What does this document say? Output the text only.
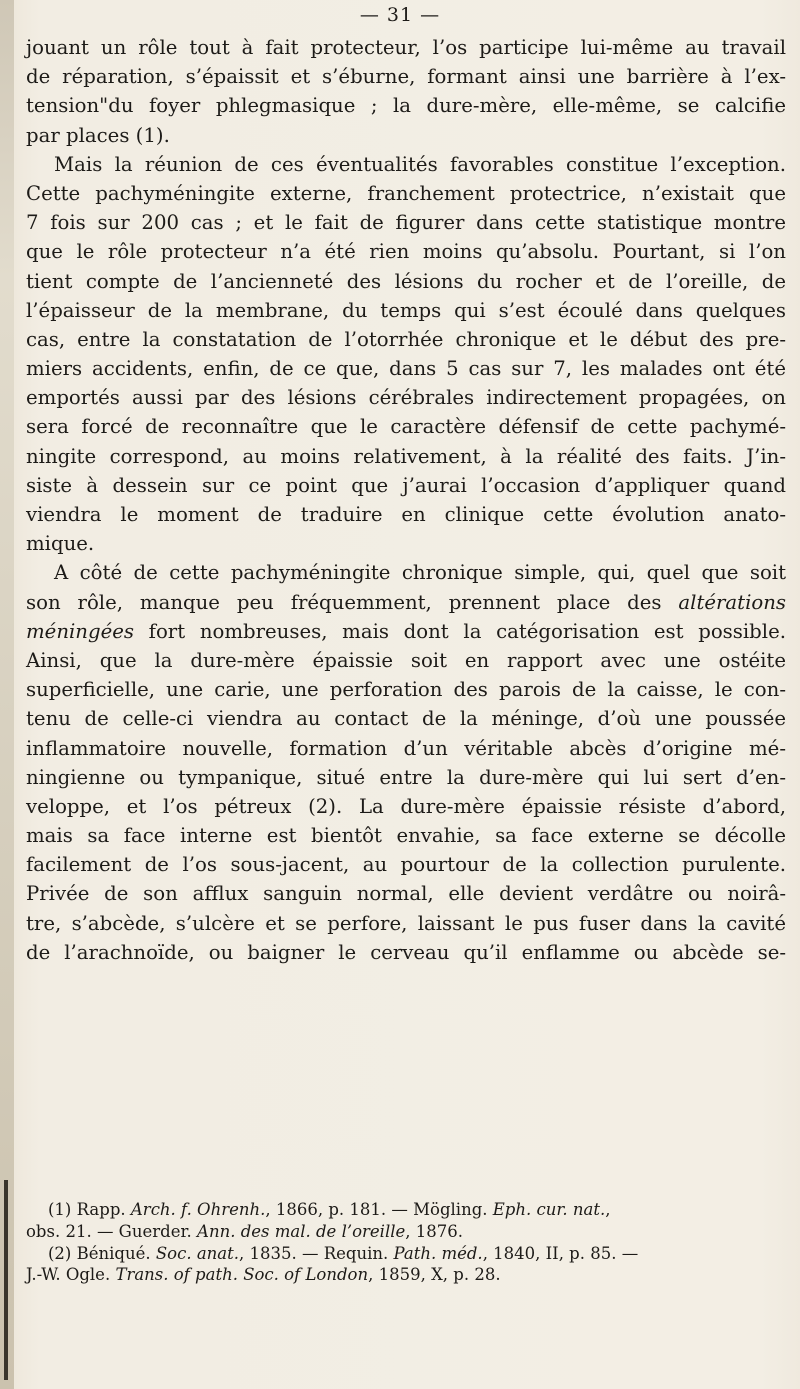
— 31 —
jouant un rôle tout à fait protecteur, l’os participe lui-même au travail
de réparation, s’épaissit et s’éburne, formant ainsi une barrière à l’ex-
tension"du foyer phlegmasique ; la dure-mère, elle-même, se calcifie
par places (1).
Mais la réunion de ces éventualités favorables constitue l’exception.
Cette pachyméningite externe, franchement protectrice, n’existait que
7 fois sur 200 cas ; et le fait de figurer dans cette statistique montre
que le rôle protecteur n’a été rien moins qu’absolu. Pourtant, si l’on
tient compte de l’ancienneté des lésions du rocher et de l’oreille, de
l’épaisseur de la membrane, du temps qui s’est écoulé dans quelques
cas, entre la constatation de l’otorrhée chronique et le début des pre-
miers accidents, enfin, de ce que, dans 5 cas sur 7, les malades ont été
emportés aussi par des lésions cérébrales indirectement propagées, on
sera forcé de reconnaître que le caractère défensif de cette pachymé-
ningite correspond, au moins relativement, à la réalité des faits. J’in-
siste à dessein sur ce point que j’aurai l’occasion d’appliquer quand
viendra le moment de traduire en clinique cette évolution anato-
mique.
A côté de cette pachyméningite chronique simple, qui, quel que soit
son rôle, manque peu fréquemment, prennent place des altérations
méningées fort nombreuses, mais dont la catégorisation est possible.
Ainsi, que la dure-mère épaissie soit en rapport avec une ostéite
superficielle, une carie, une perforation des parois de la caisse, le con-
tenu de celle-ci viendra au contact de la méninge, d’où une poussée
inflammatoire nouvelle, formation d’un véritable abcès d’origine mé-
ningienne ou tympanique, situé entre la dure-mère qui lui sert d’en-
veloppe, et l’os pétreux (2). La dure-mère épaissie résiste d’abord,
mais sa face interne est bientôt envahie, sa face externe se décolle
facilement de l’os sous-jacent, au pourtour de la collection purulente.
Privée de son afflux sanguin normal, elle devient verdâtre ou noirâ-
tre, s’abcède, s’ulcère et se perfore, laissant le pus fuser dans la cavité
de l’arachnoïde, ou baigner le cerveau qu’il enflamme ou abcède se-
(1) Rapp. Arch. f. Ohrenh., 1866, p. 181. — Mögling. Eph. cur. nat.,
obs. 21. — Guerder. Ann. des mal. de l’oreille, 1876.
(2) Béniqué. Soc. anat., 1835. — Requin. Path. méd., 1840, II, p. 85. —
J.-W. Ogle. Trans. of path. Soc. of London, 1859, X, p. 28.
